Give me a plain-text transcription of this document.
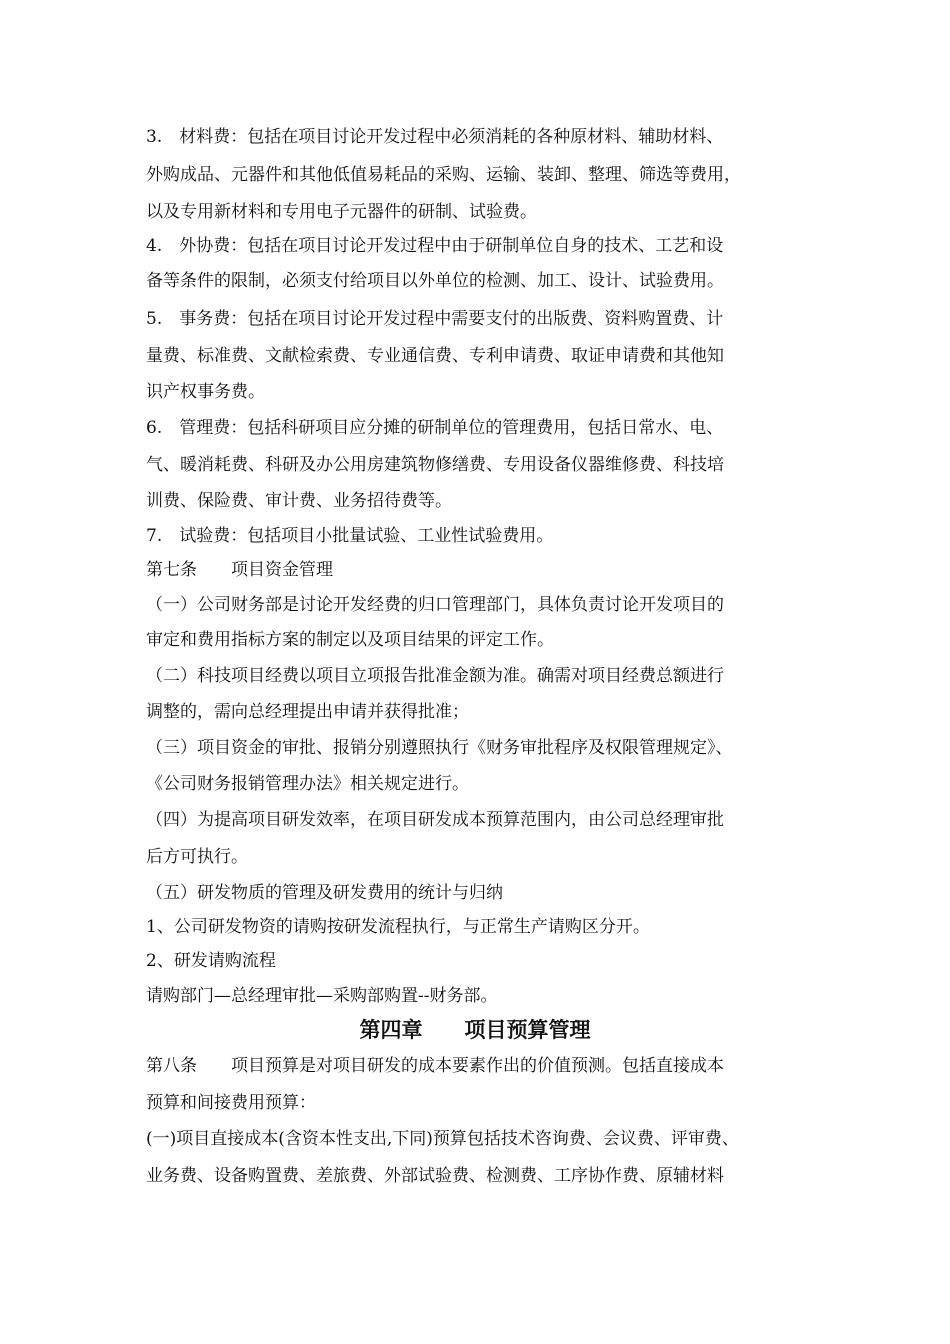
3.　材料费：包括在项目讨论开发过程中必须消耗的各种原材料、辅助材料、
外购成品、元器件和其他低值易耗品的采购、运输、装卸、整理、筛选等费用，
以及专用新材料和专用电子元器件的研制、试验费。
4.　外协费：包括在项目讨论开发过程中由于研制单位自身的技术、工艺和设
备等条件的限制，必须支付给项目以外单位的检测、加工、设计、试验费用。
5.　事务费：包括在项目讨论开发过程中需要支付的出版费、资料购置费、计
量费、标准费、文献检索费、专业通信费、专利申请费、取证申请费和其他知
识产权事务费。
6.　管理费：包括科研项目应分摊的研制单位的管理费用，包括日常水、电、
气、暖消耗费、科研及办公用房建筑物修缮费、专用设备仪器维修费、科技培
训费、保险费、审计费、业务招待费等。
7.　试验费：包括项目小批量试验、工业性试验费用。
第七条　　项目资金管理
（一）公司财务部是讨论开发经费的归口管理部门，具体负责讨论开发项目的
审定和费用指标方案的制定以及项目结果的评定工作。
（二）科技项目经费以项目立项报告批准金额为准。确需对项目经费总额进行
调整的，需向总经理提出申请并获得批准；
（三）项目资金的审批、报销分别遵照执行《财务审批程序及权限管理规定》、
《公司财务报销管理办法》相关规定进行。
（四）为提高项目研发效率，在项目研发成本预算范围内，由公司总经理审批
后方可执行。
（五）研发物质的管理及研发费用的统计与归纳
1、公司研发物资的请购按研发流程执行，与正常生产请购区分开。
2、研发请购流程
请购部门—总经理审批—采购部购置--财务部。
第四章　　项目预算管理
第八条　　项目预算是对项目研发的成本要素作出的价值预测。包括直接成本
预算和间接费用预算：
(一)项目直接成本(含资本性支出,下同)预算包括技术咨询费、会议费、评审费、
业务费、设备购置费、差旅费、外部试验费、检测费、工序协作费、原辅材料
